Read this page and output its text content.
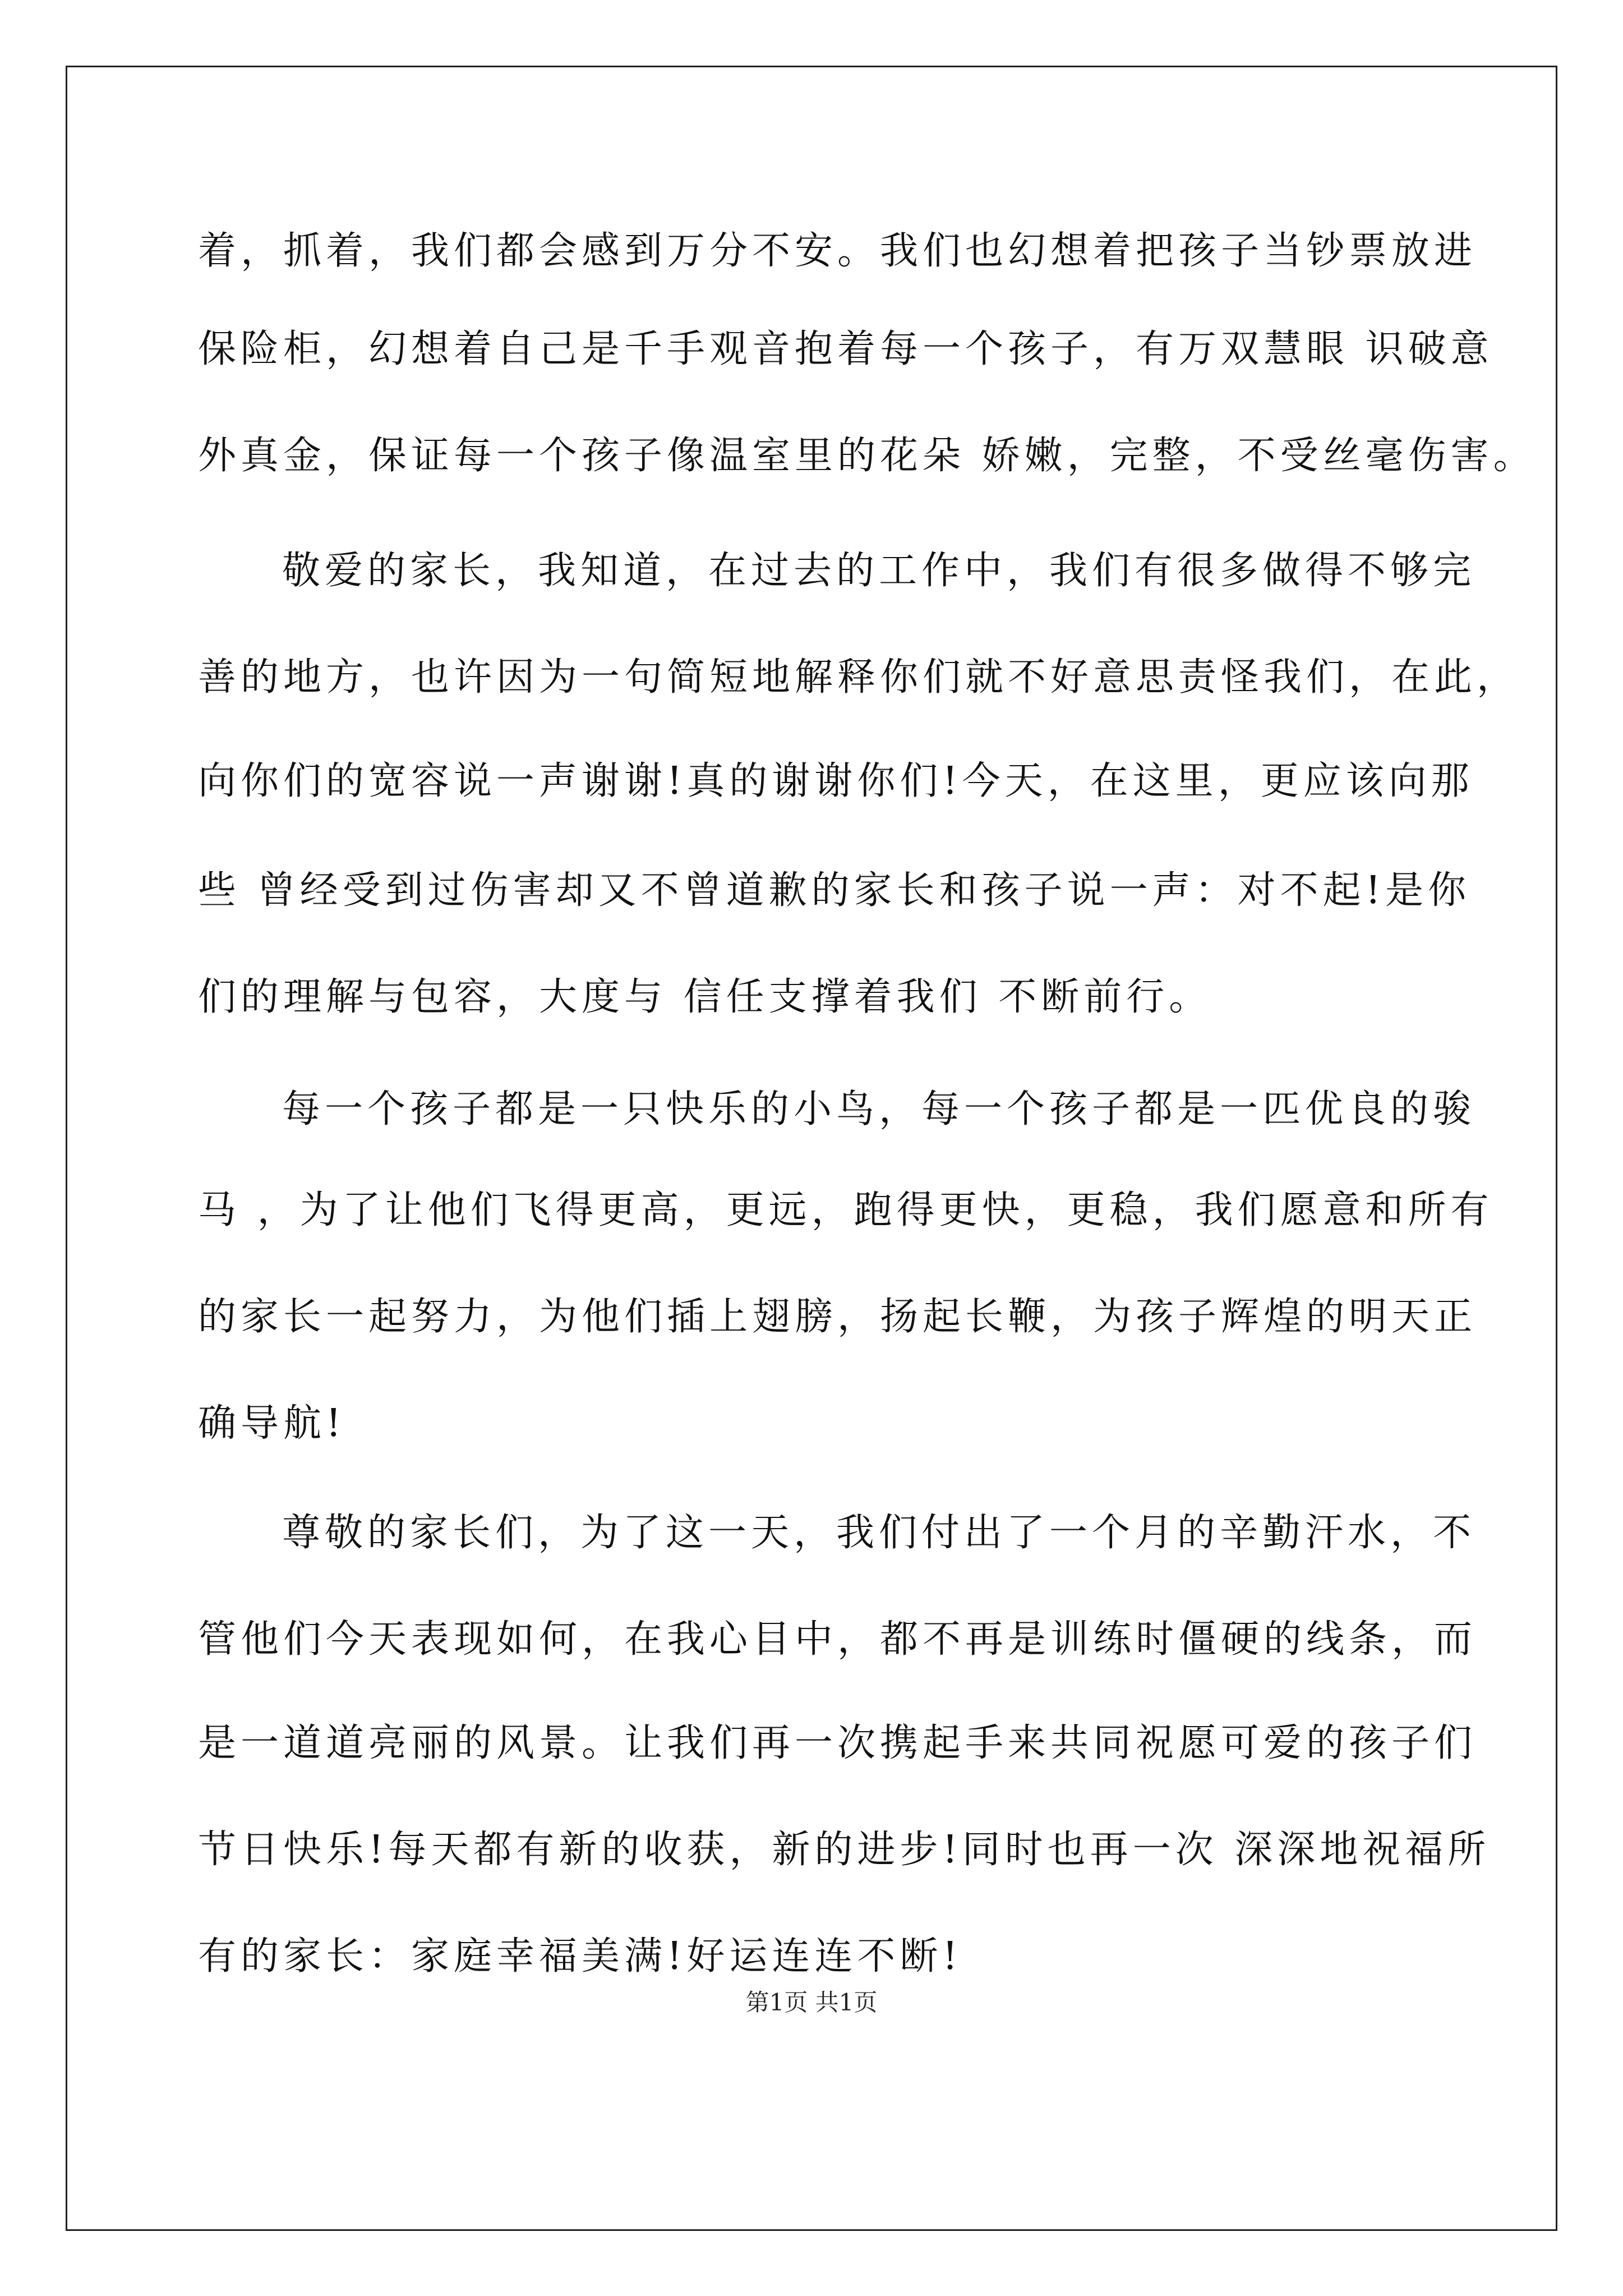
着，抓着，我们都会感到万分不安。我们也幻想着把孩子当钞票放进
保险柜，幻想着自己是千手观音抱着每一个孩子，有万双慧眼 识破意
外真金，保证每一个孩子像温室里的花朵 娇嫩，完整，不受丝毫伤害。
敬爱的家长，我知道，在过去的工作中，我们有很多做得不够完
善的地方，也许因为一句简短地解释你们就不好意思责怪我们，在此，
向你们的宽容说一声谢谢!真的谢谢你们!今天，在这里，更应该向那
些 曾经受到过伤害却又不曾道歉的家长和孩子说一声：对不起!是你
们的理解与包容，大度与 信任支撑着我们 不断前行。
每一个孩子都是一只快乐的小鸟，每一个孩子都是一匹优良的骏
马 ，为了让他们飞得更高，更远，跑得更快，更稳，我们愿意和所有
的家长一起努力，为他们插上翅膀，扬起长鞭，为孩子辉煌的明天正
确导航!
尊敬的家长们，为了这一天，我们付出了一个月的辛勤汗水，不
管他们今天表现如何，在我心目中，都不再是训练时僵硬的线条，而
是一道道亮丽的风景。让我们再一次携起手来共同祝愿可爱的孩子们
节日快乐!每天都有新的收获，新的进步!同时也再一次 深深地祝福所
有的家长：家庭幸福美满!好运连连不断!
第1页 共1页
